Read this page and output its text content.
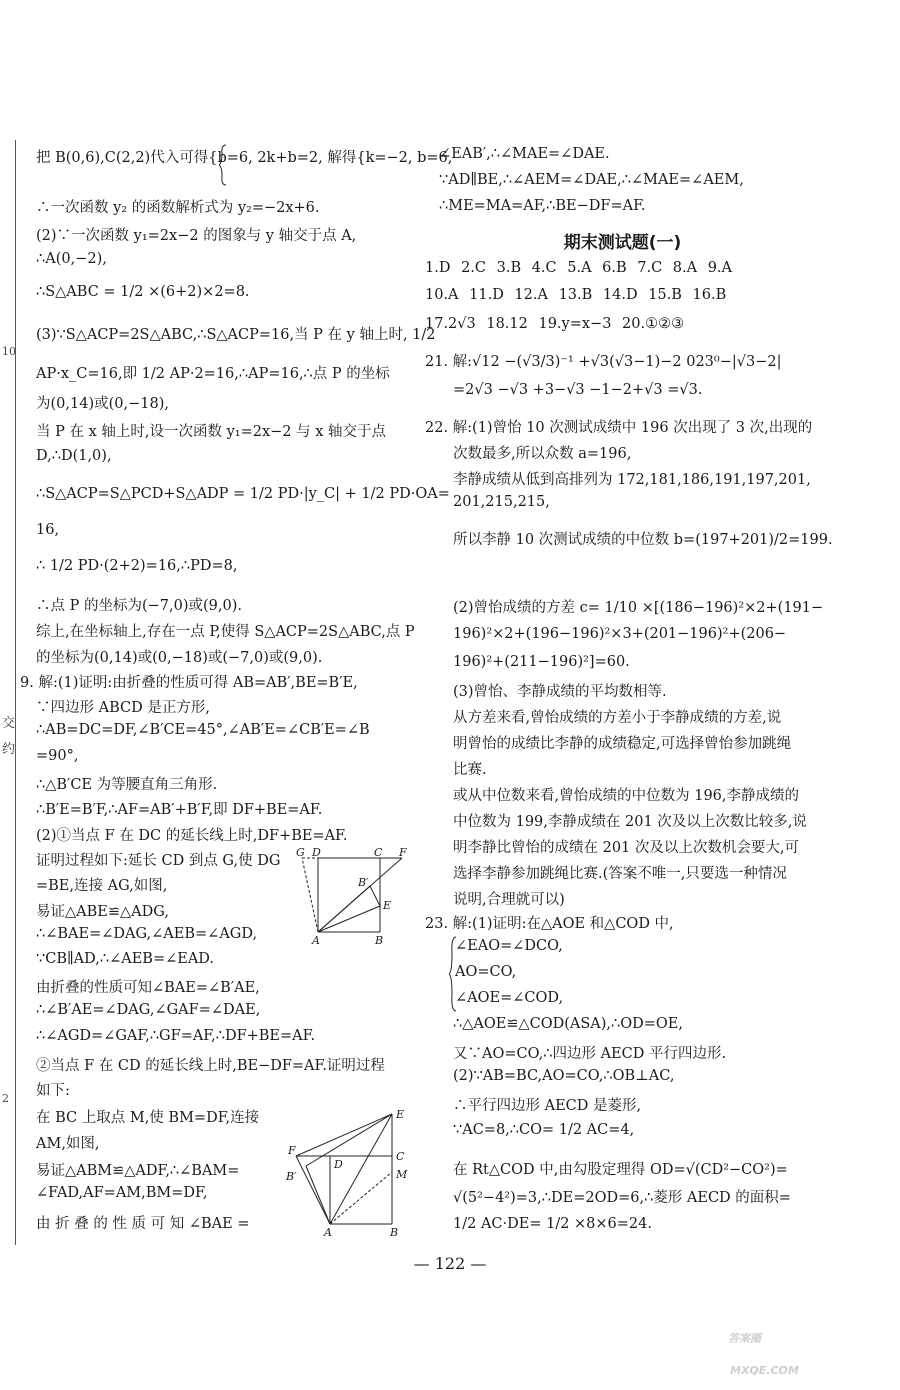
10
交
约
2
把 B(0,6),C(2,2)代入可得{b=6, 2k+b=2, 解得{k=−2, b=6,
∴一次函数 y₂ 的函数解析式为 y₂=−2x+6.
(2)∵一次函数 y₁=2x−2 的图象与 y 轴交于点 A,
∴A(0,−2),
∴S△ABC = 1/2 ×(6+2)×2=8.
(3)∵S△ACP=2S△ABC,∴S△ACP=16,当 P 在 y 轴上时, 1/2
AP·x_C=16,即 1/2 AP·2=16,∴AP=16,∴点 P 的坐标
为(0,14)或(0,−18),
当 P 在 x 轴上时,设一次函数 y₁=2x−2 与 x 轴交于点
D,∴D(1,0),
∴S△ACP=S△PCD+S△ADP = 1/2 PD·|y_C| + 1/2 PD·OA=
16,
∴ 1/2 PD·(2+2)=16,∴PD=8,
∴点 P 的坐标为(−7,0)或(9,0).
综上,在坐标轴上,存在一点 P,使得 S△ACP=2S△ABC,点 P
的坐标为(0,14)或(0,−18)或(−7,0)或(9,0).
9. 解:(1)证明:由折叠的性质可得 AB=AB′,BE=B′E,
∵四边形 ABCD 是正方形,
∴AB=DC=DF,∠B′CE=45°,∠AB′E=∠CB′E=∠B
=90°,
∴△B′CE 为等腰直角三角形.
∴B′E=B′F,∴AF=AB′+B′F,即 DF+BE=AF.
(2)①当点 F 在 DC 的延长线上时,DF+BE=AF.
证明过程如下:延长 CD 到点 G,使 DG
=BE,连接 AG,如图,
易证△ABE≌△ADG,
∴∠BAE=∠DAG,∠AEB=∠AGD,
∵CB∥AD,∴∠AEB=∠EAD.
由折叠的性质可知∠BAE=∠B′AE,
∴∠B′AE=∠DAG,∠GAF=∠DAE,
∴∠AGD=∠GAF,∴GF=AF,∴DF+BE=AF.
②当点 F 在 CD 的延长线上时,BE−DF=AF.证明过程
如下:
在 BC 上取点 M,使 BM=DF,连接
AM,如图,
易证△ABM≌△ADF,∴∠BAM=
∠FAD,AF=AM,BM=DF,
由 折 叠 的 性 质 可 知 ∠BAE =
G D	C F
B′
E
A	B
E
F
D
C
B′	M
A	B
∠EAB′,∴∠MAE=∠DAE.
∵AD∥BE,∴∠AEM=∠DAE,∴∠MAE=∠AEM,
∴ME=MA=AF,∴BE−DF=AF.
期末测试题(一)
1.D 2.C 3.B 4.C 5.A 6.B 7.C 8.A 9.A
10.A 11.D 12.A 13.B 14.D 15.B 16.B
17.2√3 18.12 19.y=x−3 20.①②③
21. 解:√12 −(√3/3)⁻¹ +√3(√3−1)−2 023⁰−|√3−2|
=2√3 −√3 +3−√3 −1−2+√3 =√3.
22. 解:(1)曾怡 10 次测试成绩中 196 次出现了 3 次,出现的
次数最多,所以众数 a=196,
李静成绩从低到高排列为 172,181,186,191,197,201,
201,215,215,
所以李静 10 次测试成绩的中位数 b=(197+201)/2=199.
(2)曾怡成绩的方差 c= 1/10 ×[(186−196)²×2+(191−
196)²×2+(196−196)²×3+(201−196)²+(206−
196)²+(211−196)²]=60.
(3)曾怡、李静成绩的平均数相等.
从方差来看,曾怡成绩的方差小于李静成绩的方差,说
明曾怡的成绩比李静的成绩稳定,可选择曾怡参加跳绳
比赛.
或从中位数来看,曾怡成绩的中位数为 196,李静成绩的
中位数为 199,李静成绩在 201 次及以上次数比较多,说
明李静比曾怡的成绩在 201 次及以上次数机会要大,可
选择李静参加跳绳比赛.(答案不唯一,只要选一种情况
说明,合理就可以)
23. 解:(1)证明:在△AOE 和△COD 中,
∠EAO=∠DCO,
AO=CO,
∠AOE=∠COD,
∴△AOE≌△COD(ASA),∴OD=OE,
又∵AO=CO,∴四边形 AECD 平行四边形.
(2)∵AB=BC,AO=CO,∴OB⊥AC,
∴平行四边形 AECD 是菱形,
∵AC=8,∴CO= 1/2 AC=4,
在 Rt△COD 中,由勾股定理得 OD=√(CD²−CO²)=
√(5²−4²)=3,∴DE=2OD=6,∴菱形 AECD 的面积=
1/2 AC·DE= 1/2 ×8×6=24.
— 122 —
答案圈
MXQE.COM
